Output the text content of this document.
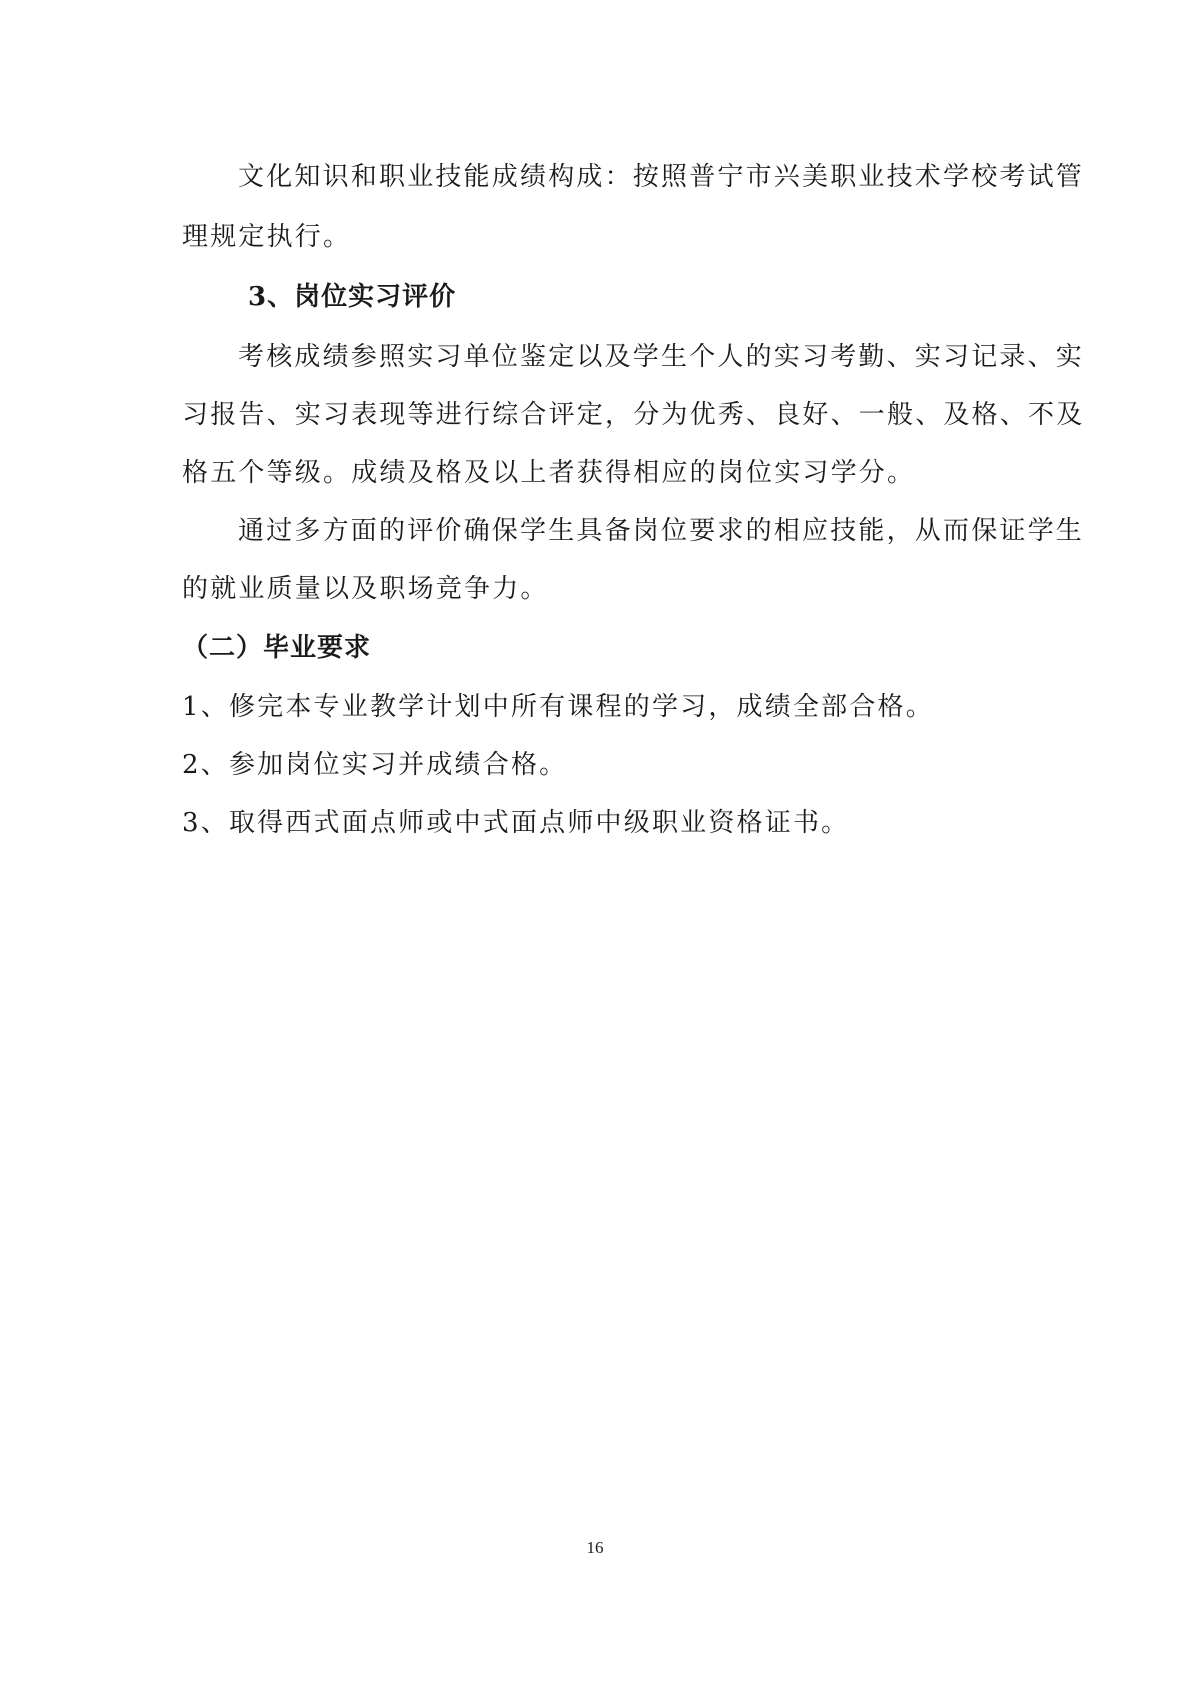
文化知识和职业技能成绩构成：按照普宁市兴美职业技术学校考试管
理规定执行。
3、岗位实习评价
考核成绩参照实习单位鉴定以及学生个人的实习考勤、实习记录、实
习报告、实习表现等进行综合评定，分为优秀、良好、一般、及格、不及
格五个等级。成绩及格及以上者获得相应的岗位实习学分。
通过多方面的评价确保学生具备岗位要求的相应技能，从而保证学生
的就业质量以及职场竞争力。
（二）毕业要求
1、修完本专业教学计划中所有课程的学习，成绩全部合格。
2、参加岗位实习并成绩合格。
3、取得西式面点师或中式面点师中级职业资格证书。
16
